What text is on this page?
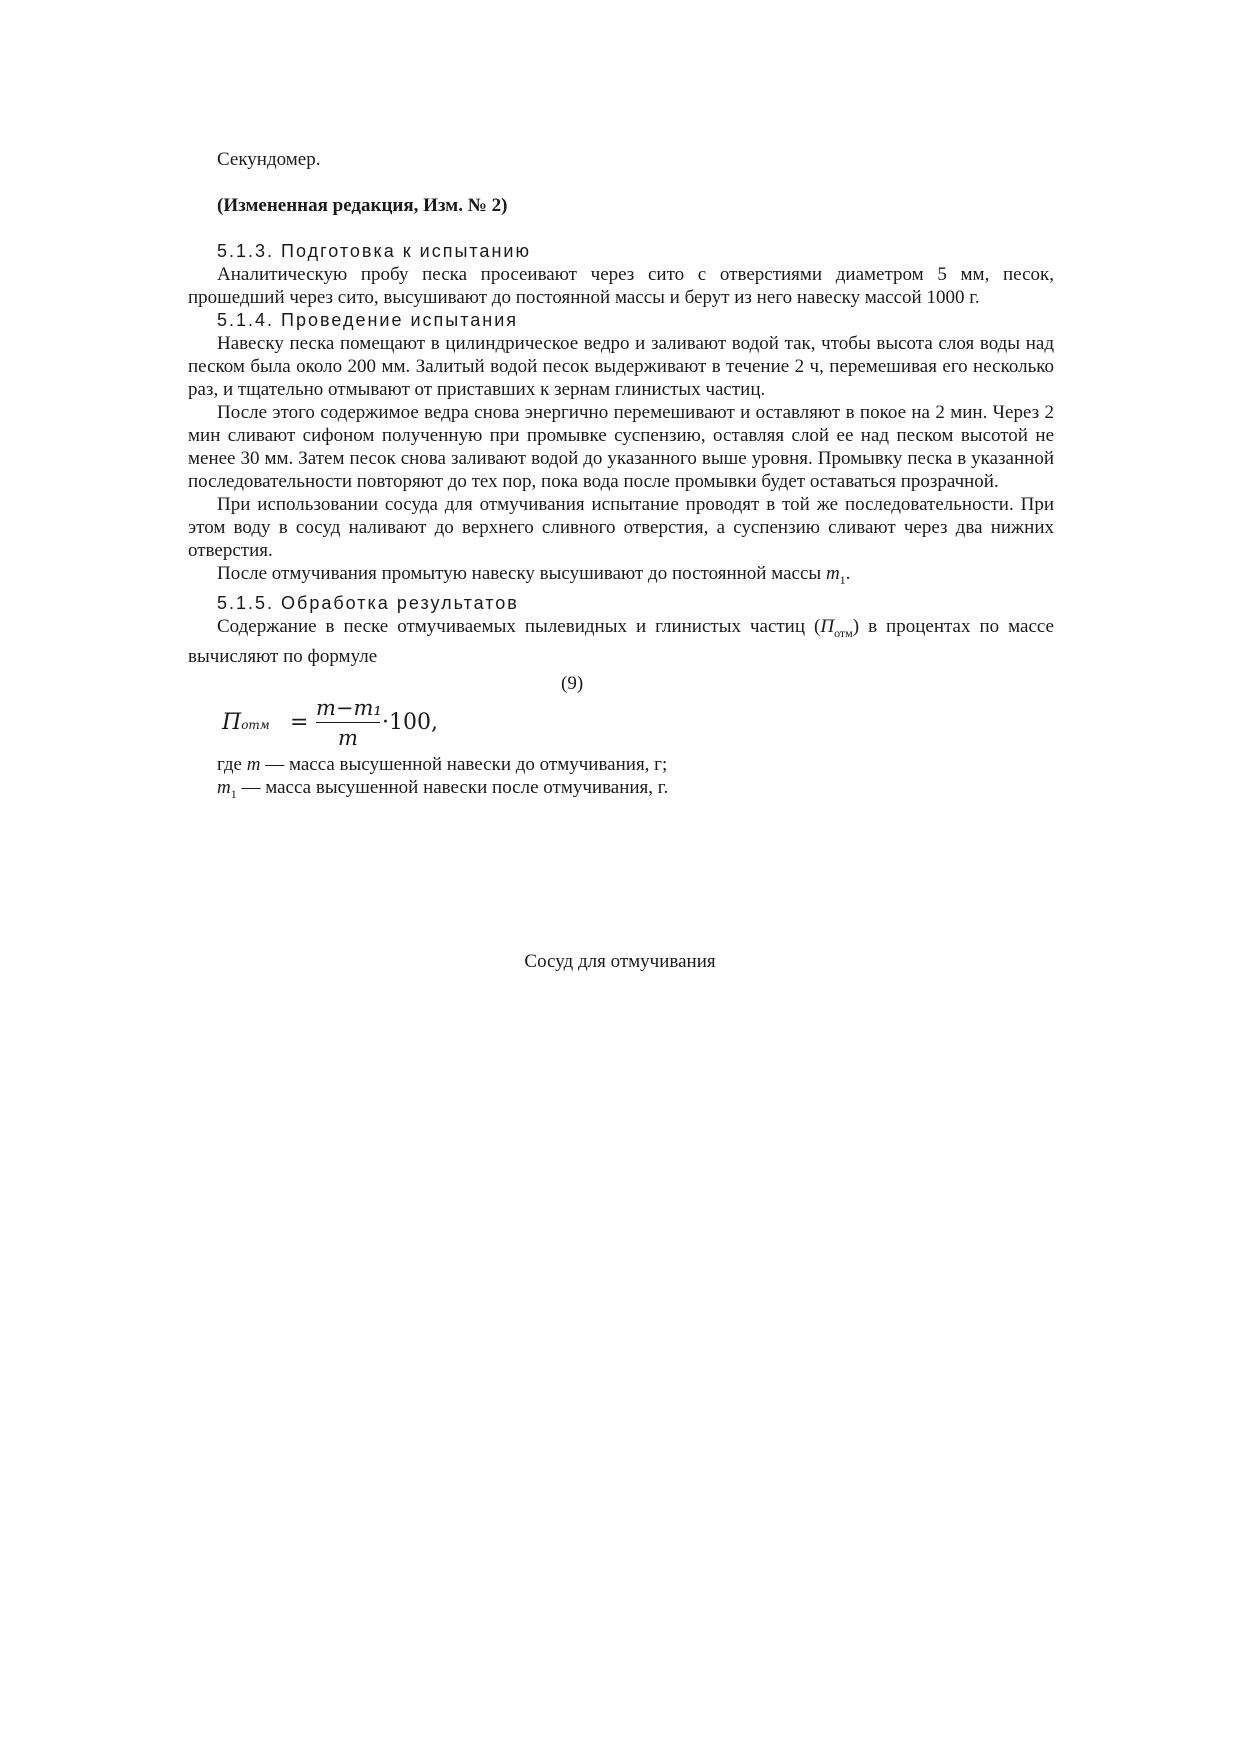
Секундомер.

(Измененная редакция, Изм. № 2)

5.1.3. Подготовка к испытанию

Аналитическую пробу песка просеивают через сито с отверстиями диаметром 5 мм, песок, прошедший через сито, высушивают до постоянной массы и берут из него навеску массой 1000 г.

5.1.4. Проведение испытания

Навеску песка помещают в цилиндрическое ведро и заливают водой так, чтобы высота слоя воды над песком была около 200 мм. Залитый водой песок выдерживают в течение 2 ч, перемешивая его несколько раз, и тщательно отмывают от приставших к зернам глинистых частиц.

После этого содержимое ведра снова энергично перемешивают и оставляют в покое на 2 мин. Через 2 мин сливают сифоном полученную при промывке суспензию, оставляя слой ее над песком высотой не менее 30 мм. Затем песок снова заливают водой до указанного выше уровня. Промывку песка в указанной последовательности повторяют до тех пор, пока вода после промывки будет оставаться прозрачной.

При использовании сосуда для отмучивания испытание проводят в той же последовательности. При этом воду в сосуд наливают до верхнего сливного отверстия, а суспензию сливают через два нижних отверстия.

После отмучивания промытую навеску высушивают до постоянной массы $m_1$.

5.1.5. Обработка результатов

Содержание в песке отмучиваемых пылевидных и глинистых частиц $(П_{отм})$ в процентах по массе вычисляют по формуле

(9)

Потм =
m−m₁
m
·100,

где m — масса высушенной навески до отмучивания, г;

$m_1$ — масса высушенной навески после отмучивания, г.

Сосуд для отмучивания
